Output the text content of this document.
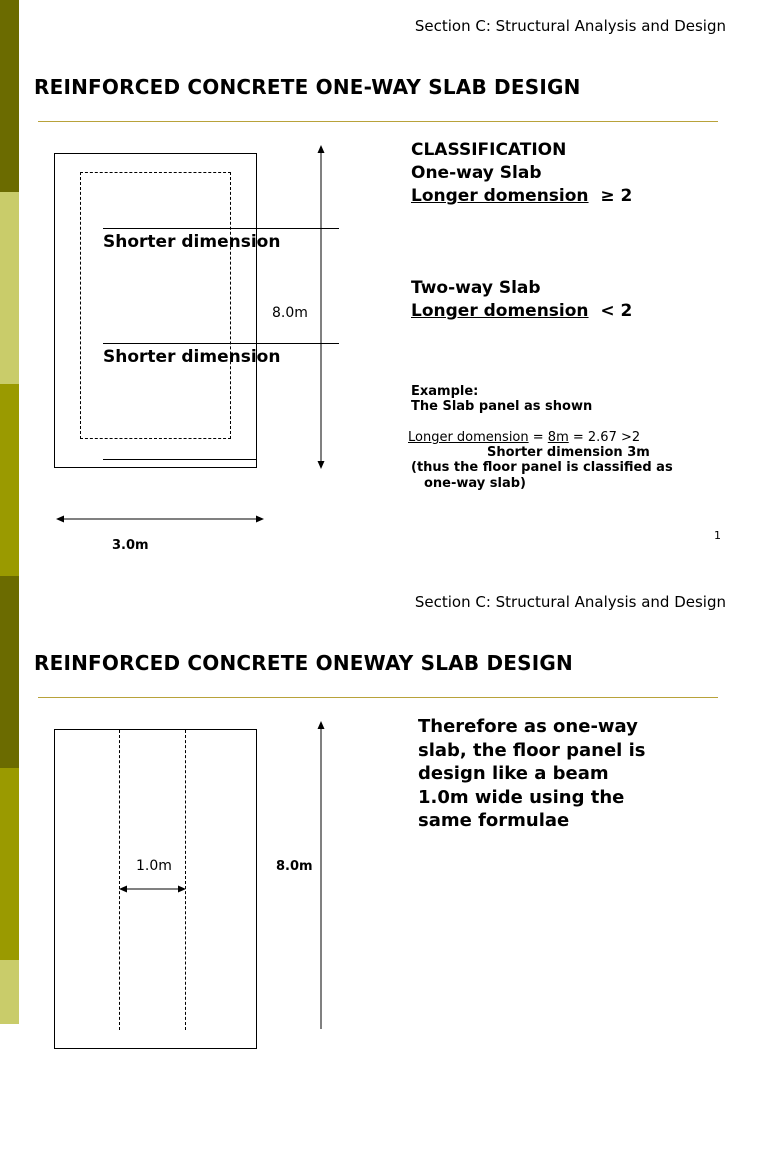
Section C: Structural Analysis and Design
REINFORCED CONCRETE ONE-WAY SLAB DESIGN
Shorter dimension
Shorter dimension
8.0m
3.0m
CLASSIFICATION
One-way Slab
Longer domension ≥ 2
Two-way Slab
Longer domension < 2
Example:
The Slab panel as shown
Longer domension = 8m = 2.67 >2
Shorter dimension 3m
(thus the floor panel is classified as
one-way slab)
1
Section C: Structural Analysis and Design
REINFORCED CONCRETE ONEWAY SLAB DESIGN
1.0m	8.0m
Therefore as one-way
slab, the floor panel is
design like a beam
1.0m wide using the
same formulae
